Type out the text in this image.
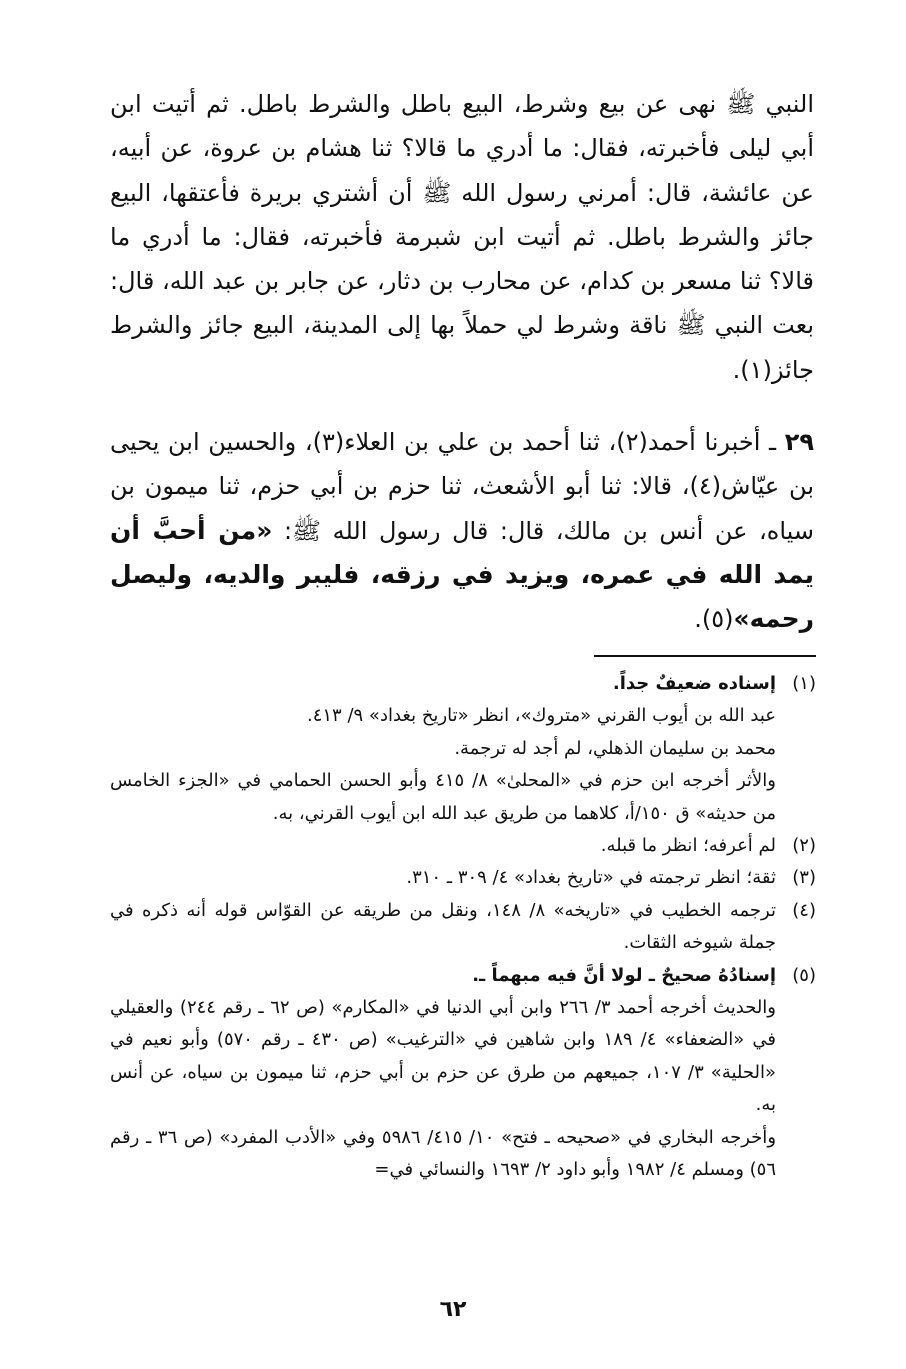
النبي ﷺ نهى عن بيع وشرط، البيع باطل والشرط باطل. ثم أتيت ابن أبي ليلى فأخبرته، فقال: ما أدري ما قالا؟ ثنا هشام بن عروة، عن أبيه، عن عائشة، قال: أمرني رسول الله ﷺ أن أشتري بريرة فأعتقها، البيع جائز والشرط باطل. ثم أتيت ابن شبرمة فأخبرته، فقال: ما أدري ما قالا؟ ثنا مسعر بن كدام، عن محارب بن دثار، عن جابر بن عبد الله، قال: بعت النبي ﷺ ناقة وشرط لي حملاً بها إلى المدينة، البيع جائز والشرط جائز(١).

٢٩ ـ أخبرنا أحمد(٢)، ثنا أحمد بن علي بن العلاء(٣)، والحسين ابن يحيى بن عيّاش(٤)، قالا: ثنا أبو الأشعث، ثنا حزم بن أبي حزم، ثنا ميمون بن سياه، عن أنس بن مالك، قال: قال رسول الله ﷺ: «من أحبَّ أن يمد الله في عمره، ويزيد في رزقه، فليبر والديه، وليصل رحمه»(٥).

(١)
إسناده ضعيفٌ جداً.
عبد الله بن أيوب القرني «متروك»، انظر «تاريخ بغداد» ٩/ ٤١٣.
محمد بن سليمان الذهلي، لم أجد له ترجمة.
والأثر أخرجه ابن حزم في «المحلىٰ» ٨/ ٤١٥ وأبو الحسن الحمامي في «الجزء الخامس من حديثه» ق ١٥٠/أ، كلاهما من طريق عبد الله ابن أيوب القرني، به.
(٢)
لم أعرفه؛ انظر ما قبله.
(٣)
ثقة؛ انظر ترجمته في «تاريخ بغداد» ٤/ ٣٠٩ ـ ٣١٠.
(٤)
ترجمه الخطيب في «تاريخه» ٨/ ١٤٨، ونقل من طريقه عن القوّاس قوله أنه ذكره في جملة شيوخه الثقات.
(٥)
إسنادُهُ صحيحٌ ـ لولا أنَّ فيه مبهماً ـ.
والحديث أخرجه أحمد ٣/ ٢٦٦ وابن أبي الدنيا في «المكارم» (ص ٦٢ ـ رقم ٢٤٤) والعقيلي في «الضعفاء» ٤/ ١٨٩ وابن شاهين في «الترغيب» (ص ٤٣٠ ـ رقم ٥٧٠) وأبو نعيم في «الحلية» ٣/ ١٠٧، جميعهم من طرق عن حزم بن أبي حزم، ثنا ميمون بن سياه، عن أنس به.
وأخرجه البخاري في «صحيحه ـ فتح» ١٠/ ٤١٥/ ٥٩٨٦ وفي «الأدب المفرد» (ص ٣٦ ـ رقم ٥٦) ومسلم ٤/ ١٩٨٢ وأبو داود ٢/ ١٦٩٣ والنسائي في=
٦٢
